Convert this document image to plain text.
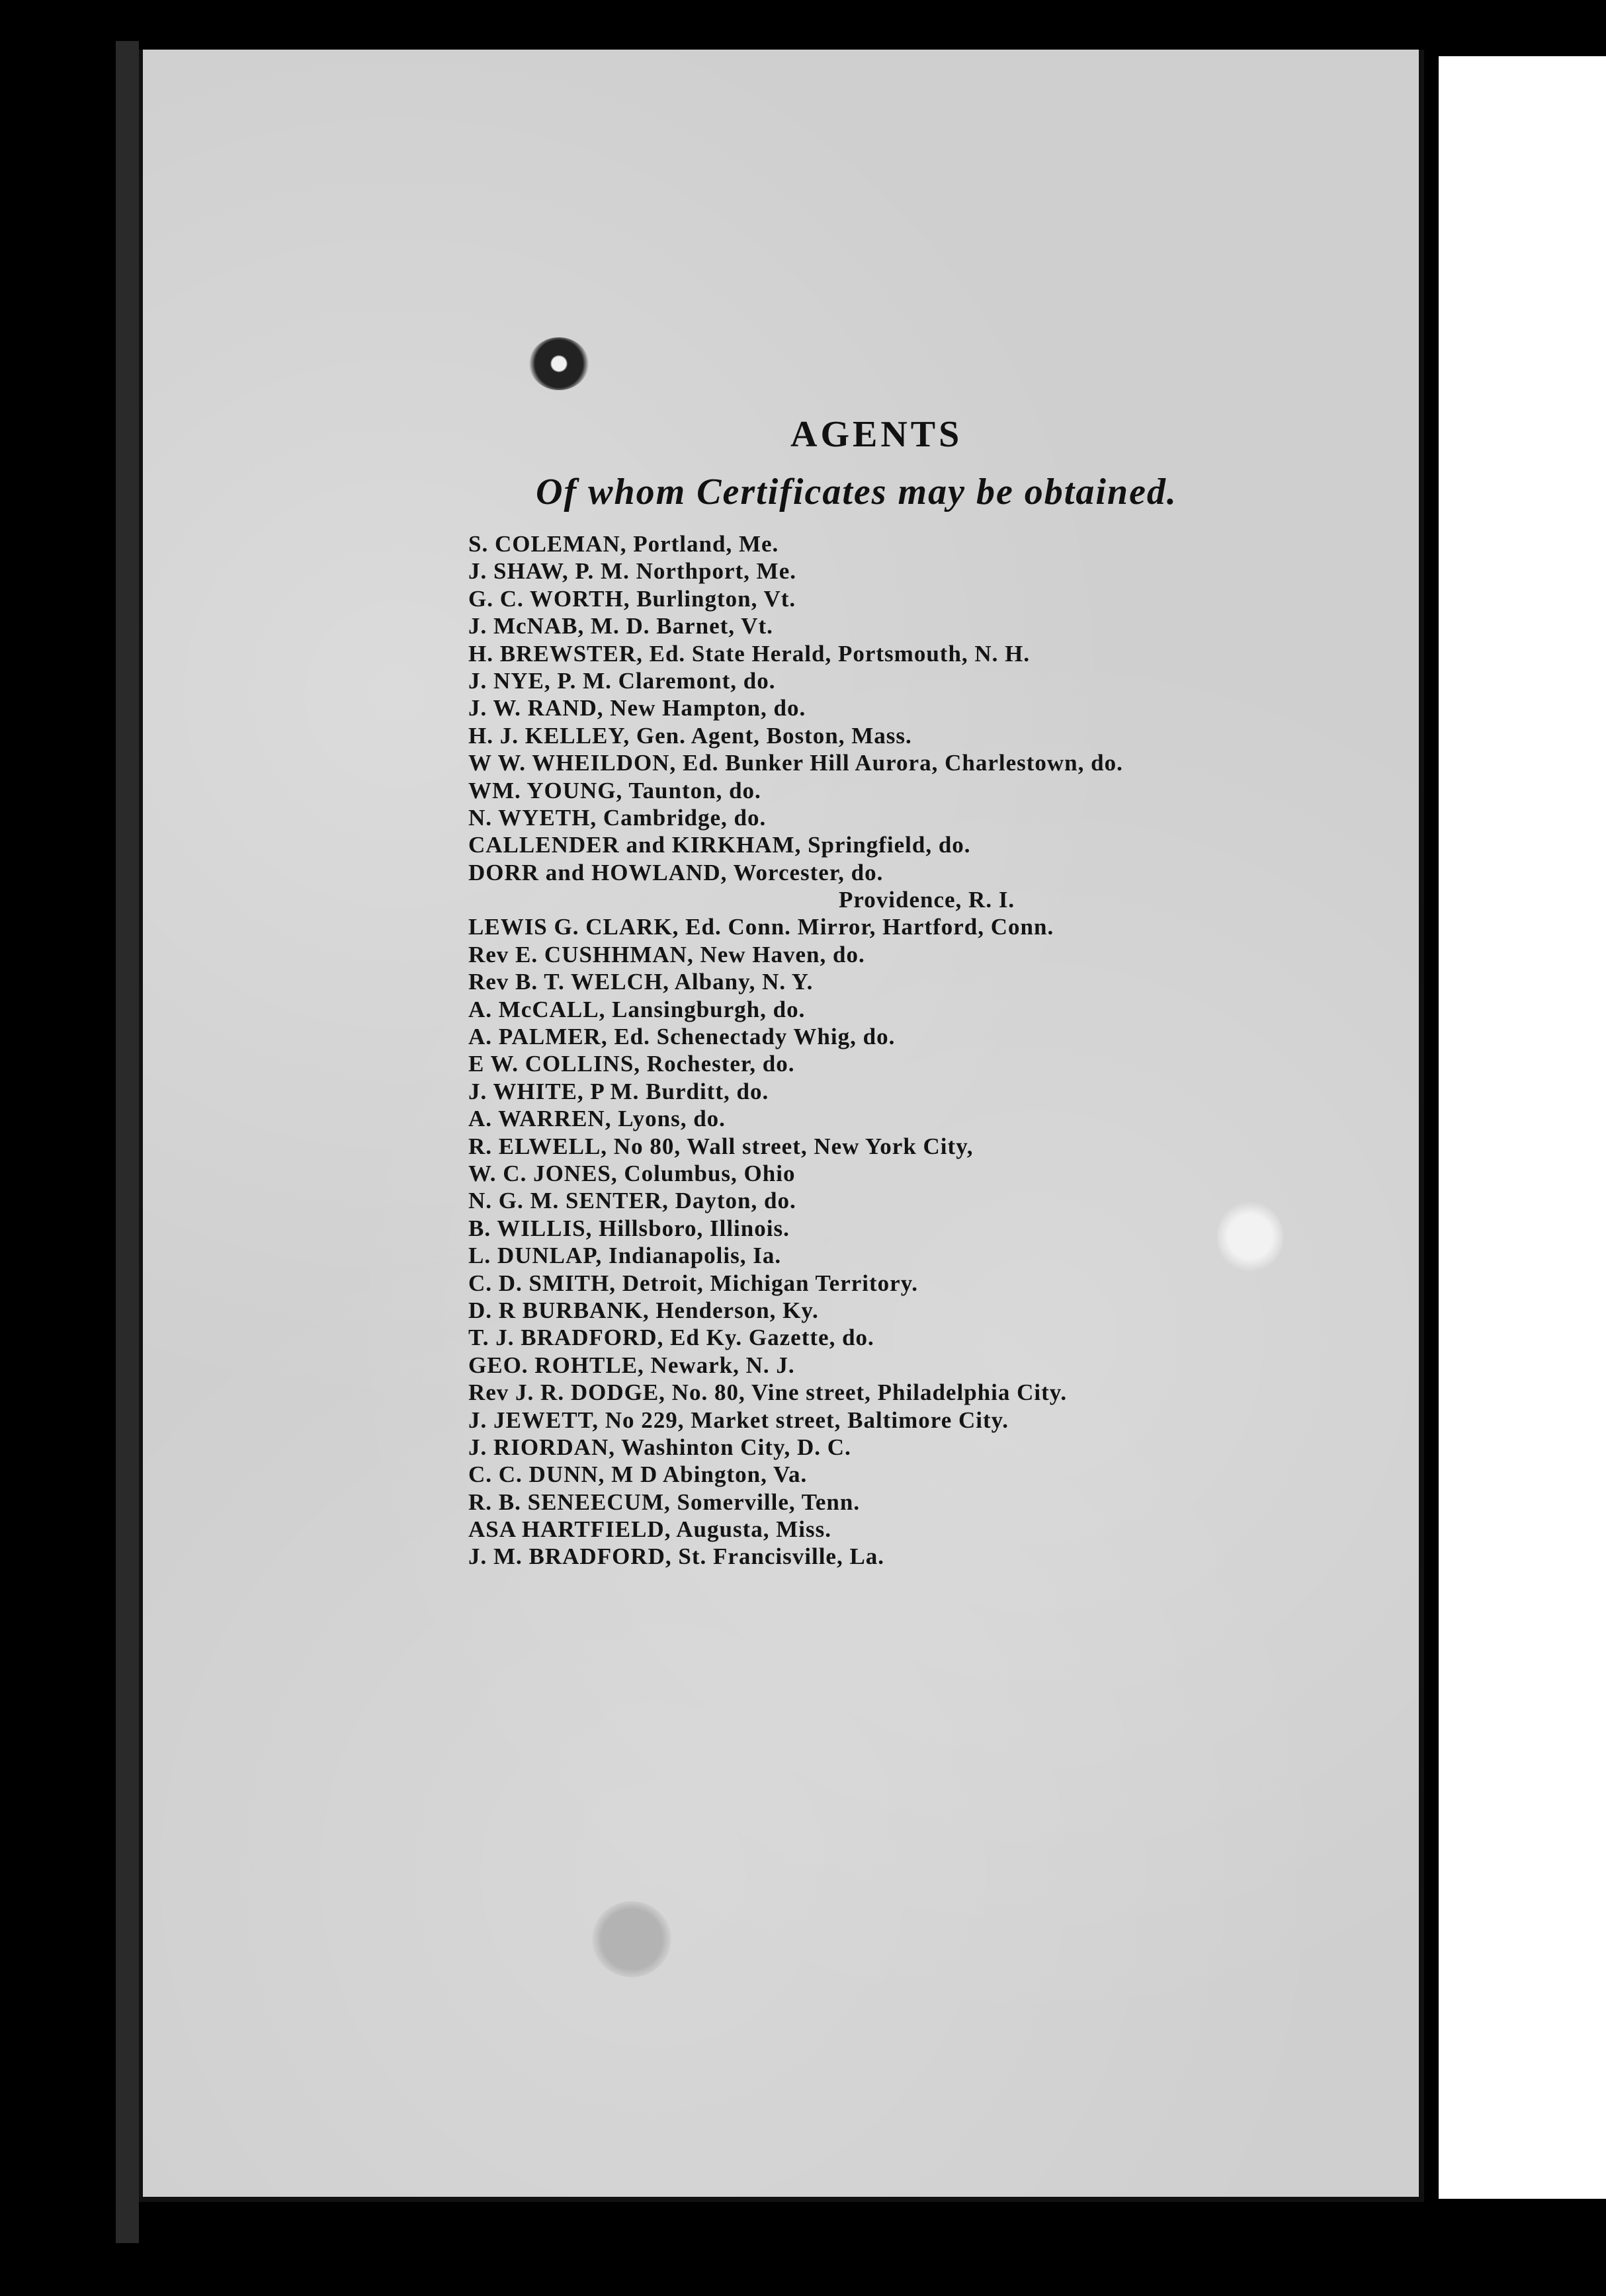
AGENTS
Of whom Certificates may be obtained.
S. COLEMAN, Portland, Me.
J. SHAW, P. M. Northport, Me.
G. C. WORTH, Burlington, Vt.
J. McNAB, M. D. Barnet, Vt.
H. BREWSTER, Ed. State Herald, Portsmouth, N. H.
J. NYE, P. M. Claremont, do.
J. W. RAND, New Hampton, do.
H. J. KELLEY, Gen. Agent, Boston, Mass.
W W. WHEILDON, Ed. Bunker Hill Aurora, Charlestown, do.
WM. YOUNG, Taunton, do.
N. WYETH, Cambridge, do.
CALLENDER and KIRKHAM, Springfield, do.
DORR and HOWLAND, Worcester, do.
Providence, R. I.
LEWIS G. CLARK, Ed. Conn. Mirror, Hartford, Conn.
Rev E. CUSHHMAN, New Haven, do.
Rev B. T. WELCH, Albany, N. Y.
A. McCALL, Lansingburgh, do.
A. PALMER, Ed. Schenectady Whig, do.
E W. COLLINS, Rochester, do.
J. WHITE, P M. Burditt, do.
A. WARREN, Lyons, do.
R. ELWELL, No 80, Wall street, New York City,
W. C. JONES, Columbus, Ohio
N. G. M. SENTER, Dayton, do.
B. WILLIS, Hillsboro, Illinois.
L. DUNLAP, Indianapolis, Ia.
C. D. SMITH, Detroit, Michigan Territory.
D. R BURBANK, Henderson, Ky.
T. J. BRADFORD, Ed Ky. Gazette, do.
GEO. ROHTLE, Newark, N. J.
Rev J. R. DODGE, No. 80, Vine street, Philadelphia City.
J. JEWETT, No 229, Market street, Baltimore City.
J. RIORDAN, Washinton City, D. C.
C. C. DUNN, M D Abington, Va.
R. B. SENEECUM, Somerville, Tenn.
ASA HARTFIELD, Augusta, Miss.
J. M. BRADFORD, St. Francisville, La.
